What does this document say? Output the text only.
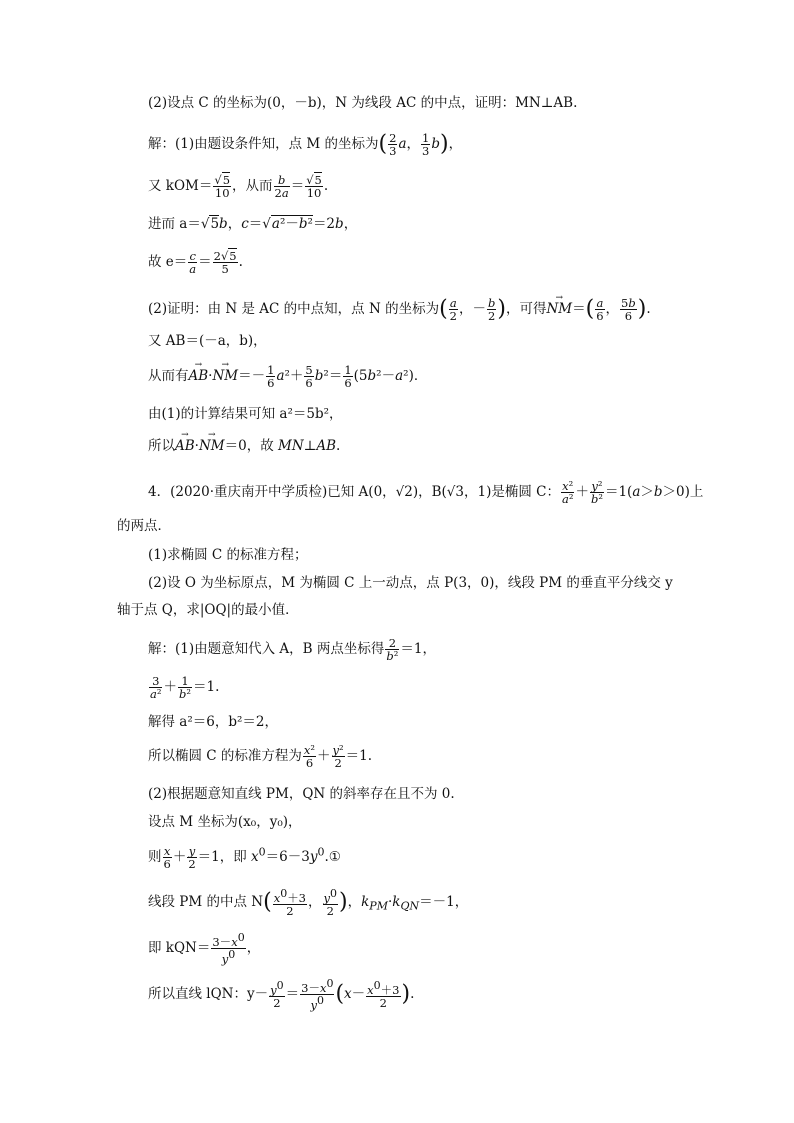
(2)设点 C 的坐标为(0，－b)，N 为线段 AC 的中点，证明：MN⊥AB.
解：(1)由题设条件知，点 M 的坐标为( $\frac{2}{3}$ a， $\frac{1}{3} b$)，
又 $kOM= \frac{√5}{10}$ ，从而 $\frac{b}{2a} = \frac{√5}{10}$ .
进而 a＝√5b，c＝√a²－b²＝2b，
故 $e= \frac{c}{a} = \frac{2√5}{5}$ .
(2)证明：由 N 是 AC 的中点知，点 N 的坐标为( $\frac{a}{2}$ ，－ $\frac{b}{2}$ )，可得→ $NM=( \frac{a}{6}$ ， $\frac{5b}{6}$ ).
又 AB＝(－a，b)，
从而有→ $AB\cdot\to NM=- \frac{1}{6} a^2+ \frac{5}{6} b^2= \frac{1}{6} (5b^2-a^2)$．
由(1)的计算结果可知 a²＝5b²，
所以→ AB·→ NM＝0，故 MN⊥AB.
4．(2020·重庆南开中学质检)已知 A(0，√2)，B(√3，1)是椭圆 C： $\frac{\text{x²}}{\text{a²}} + \frac{\text{y²}}{\text{b²}} =1(a>b>0)$上
的两点．
(1)求椭圆 C 的标准方程；
(2)设 O 为坐标原点，M 为椭圆 C 上一动点，点 P(3，0)，线段 PM 的垂直平分线交 y
轴于点 Q，求|OQ|的最小值．
解：(1)由题意知代入 A，B 两点坐标得 $\frac{2}{\text{b²}} =1$，
$\frac{3}{\text{a²}} + \frac{1}{\text{b²}} =1$.
解得 a²＝6，b²＝2，
所以椭圆 C 的标准方程为 $\frac{\text{x²}}{6} + \frac{\text{y²}}{2} =1$.
(2)根据题意知直线 PM，QN 的斜率存在且不为 0.
设点 M 坐标为(x₀，y₀)，
则 $\frac{x}{6} + \frac{y}{2} =1$，即 $x^0=6-3y^0.①$
线段 PM 的中点 $N( \frac{x^0+3}{2}$ ， $\frac{y^0}{2}$ )，$k_{PM}\cdot k_{QN}=-1$，
即 $kQN= \frac{3-x^0}{y^0}$ ，
所以直线 lQN：$y- \frac{y^0}{2} = \frac{3-x^0}{y^0} (x- \frac{x^0+3}{2}$ ).
